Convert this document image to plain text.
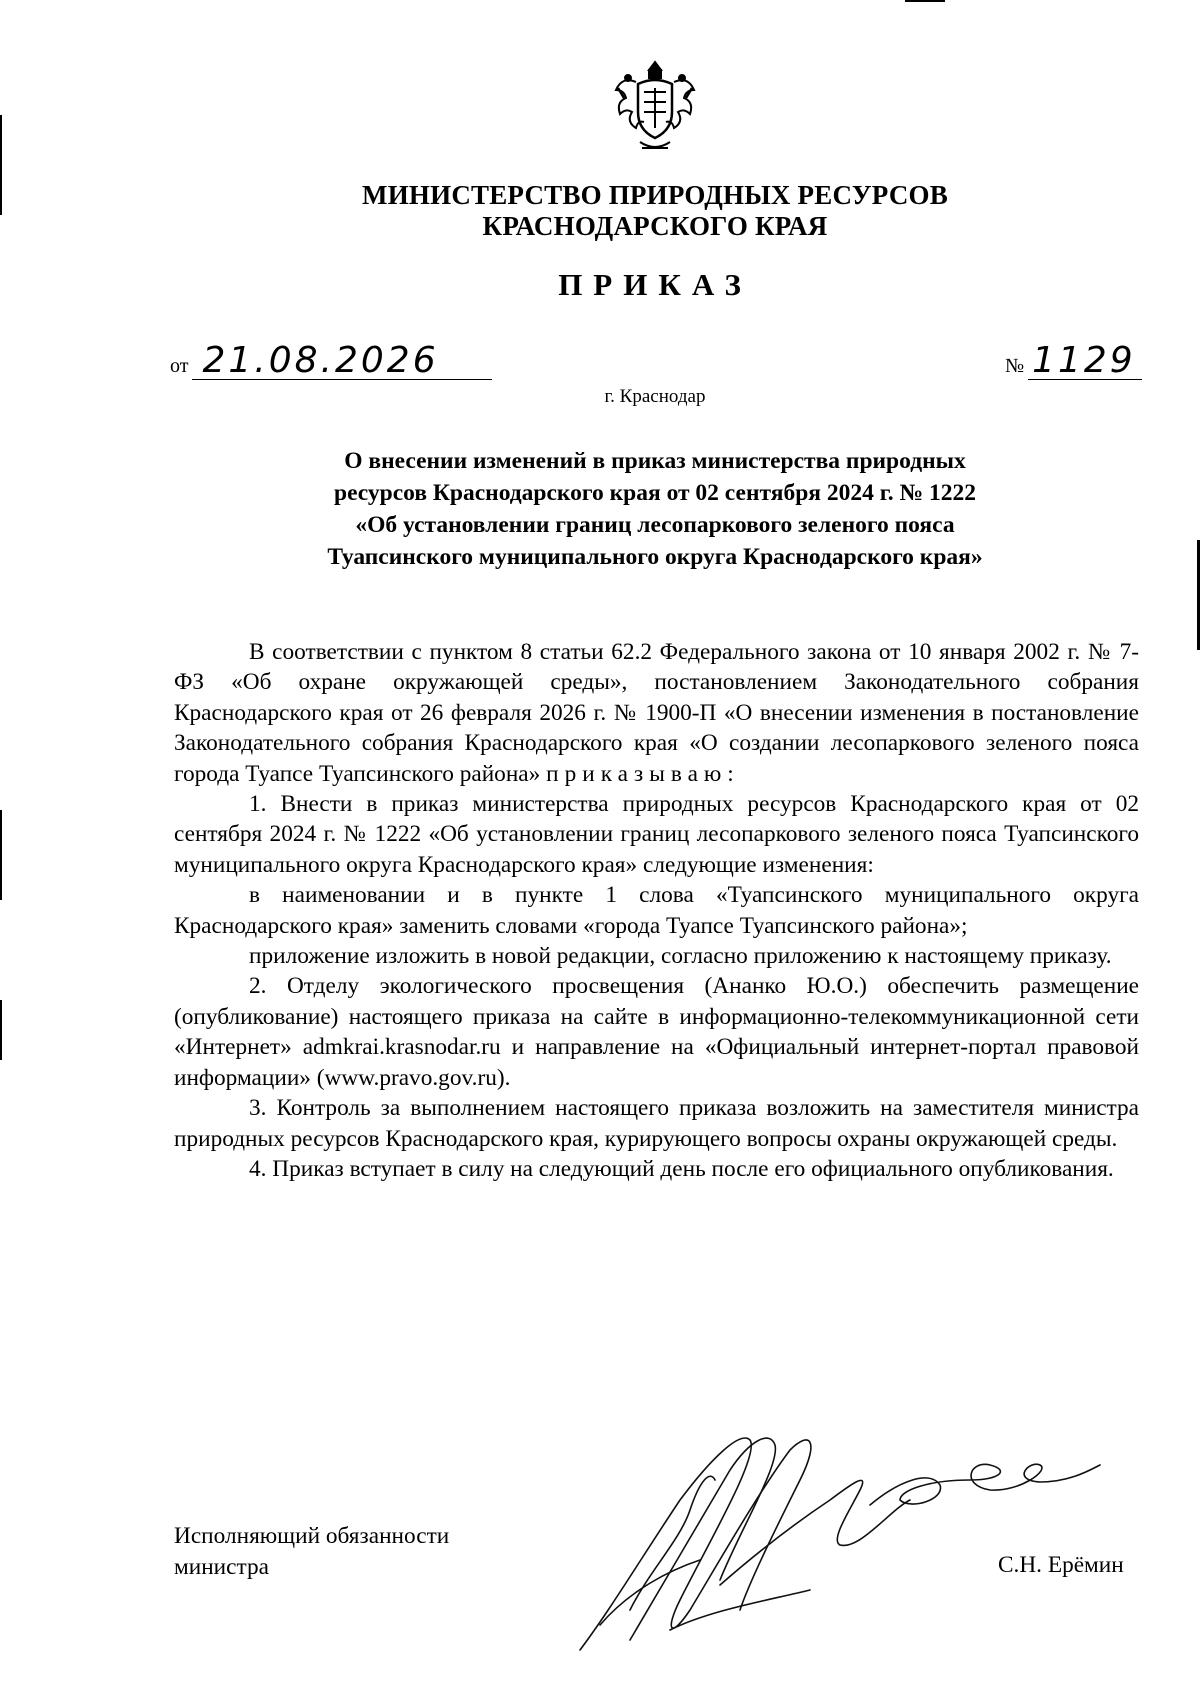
МИНИСТЕРСТВО ПРИРОДНЫХ РЕСУРСОВ
КРАСНОДАРСКОГО КРАЯ
ПРИКАЗ
от 21.08.2026	№ 1129
г. Краснодар
О внесении изменений в приказ министерства природных
ресурсов Краснодарского края от 02 сентября 2024 г. № 1222
«Об установлении границ лесопаркового зеленого пояса
Туапсинского муниципального округа Краснодарского края»

В соответствии с пунктом 8 статьи 62.2 Федерального закона от 10 января 2002 г. № 7-ФЗ «Об охране окружающей среды», постановлением Законодательного собрания Краснодарского края от 26 февраля 2026 г. № 1900-П «О внесении изменения в постановление Законодательного собрания Краснодарского края «О создании лесопаркового зеленого пояса города Туапсе Туапсинского района» приказываю:

1. Внести в приказ министерства природных ресурсов Краснодарского края от 02 сентября 2024 г. № 1222 «Об установлении границ лесопаркового зеленого пояса Туапсинского муниципального округа Краснодарского края» следующие изменения:

в наименовании и в пункте 1 слова «Туапсинского муниципального округа Краснодарского края» заменить словами «города Туапсе Туапсинского района»;

приложение изложить в новой редакции, согласно приложению к настоящему приказу.

2. Отделу экологического просвещения (Ананко Ю.О.) обеспечить размещение (опубликование) настоящего приказа на сайте в информационно-телекоммуникационной сети «Интернет» admkrai.krasnodar.ru и направление на «Официальный интернет-портал правовой информации» (www.pravo.gov.ru).

3. Контроль за выполнением настоящего приказа возложить на заместителя министра природных ресурсов Краснодарского края, курирующего вопросы охраны окружающей среды.

4. Приказ вступает в силу на следующий день после его официального опубликования.

Исполняющий обязанности
министра	С.Н. Ерёмин
